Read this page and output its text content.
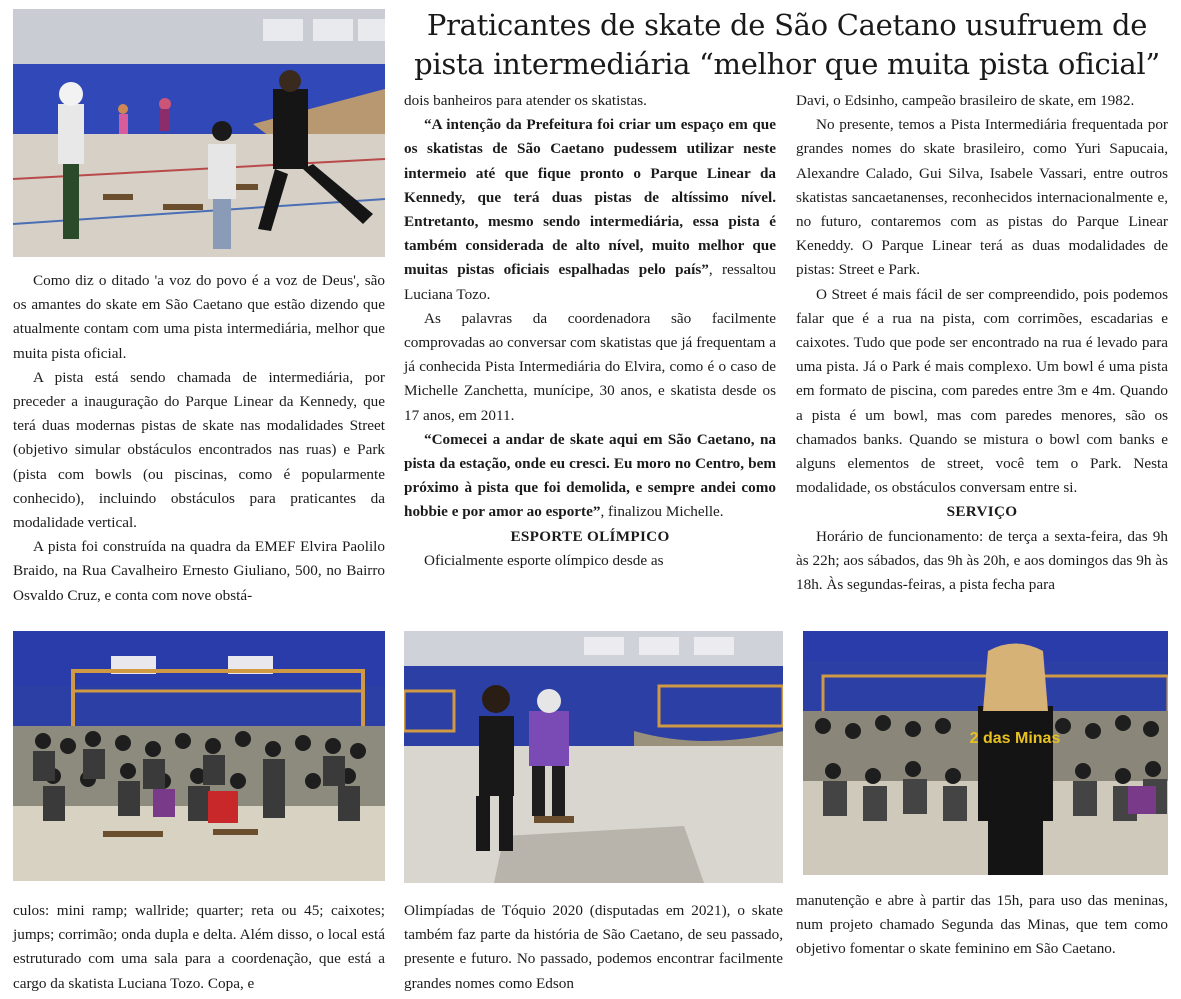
Praticantes de skate de São Caetano usufruem de pista intermediária “melhor que muita pista oficial”

Como diz o ditado 'a voz do povo é a voz de Deus', são os amantes do skate em São Caetano que estão dizendo que atualmente contam com uma pista intermediária, melhor que muita pista oficial.

A pista está sendo chamada de intermediária, por preceder a inauguração do Parque Linear da Kennedy, que terá duas modernas pistas de skate nas modalidades Street (objetivo simular obstáculos encontrados nas ruas) e Park (pista com bowls (ou piscinas, como é popularmente conhecido), incluindo obstáculos para praticantes da modalidade vertical.

A pista foi construída na quadra da EMEF Elvira Paolilo Braido, na Rua Cavalheiro Ernesto Giuliano, 500, no Bairro Osvaldo Cruz, e conta com nove obstá-

culos: mini ramp; wallride; quarter; reta ou 45; caixotes; jumps; corrimão; onda dupla e delta. Além disso, o local está estruturado com uma sala para a coordenação, que está a cargo da skatista Luciana Tozo. Copa, e

dois banheiros para atender os skatistas.

“A intenção da Prefeitura foi criar um espaço em que os skatistas de São Caetano pudessem utilizar neste intermeio até que fique pronto o Parque Linear da Kennedy, que terá duas pistas de altíssimo nível. Entretanto, mesmo sendo intermediária, essa pista é também considerada de alto nível, muito melhor que muitas pistas oficiais espalhadas pelo país”, ressaltou Luciana Tozo.

As palavras da coordenadora são facilmente comprovadas ao conversar com skatistas que já frequentam a já conhecida Pista Intermediária do Elvira, como é o caso de Michelle Zanchetta, munícipe, 30 anos, e skatista desde os 17 anos, em 2011.

“Comecei a andar de skate aqui em São Caetano, na pista da estação, onde eu cresci. Eu moro no Centro, bem próximo à pista que foi demolida, e sempre andei como hobbie e por amor ao esporte”, finalizou Michelle.

ESPORTE OLÍMPICO

Oficialmente esporte olímpico desde as

Olimpíadas de Tóquio 2020 (disputadas em 2021), o skate também faz parte da história de São Caetano, de seu passado, presente e futuro. No passado, podemos encontrar facilmente grandes nomes como Edson

Davi, o Edsinho, campeão brasileiro de skate, em 1982.

No presente, temos a Pista Intermediária frequentada por grandes nomes do skate brasileiro, como Yuri Sapucaia, Alexandre Calado, Gui Silva, Isabele Vassari, entre outros skatistas sancaetanenses, reconhecidos internacionalmente e, no futuro, contaremos com as pistas do Parque Linear Keneddy. O Parque Linear terá as duas modalidades de pistas: Street e Park.

O Street é mais fácil de ser compreendido, pois podemos falar que é a rua na pista, com corrimões, escadarias e caixotes. Tudo que pode ser encontrado na rua é levado para uma pista. Já o Park é mais complexo. Um bowl é uma pista em formato de piscina, com paredes entre 3m e 4m. Quando a pista é um bowl, mas com paredes menores, são os chamados banks. Quando se mistura o bowl com banks e alguns elementos de street, você tem o Park. Nesta modalidade, os obstáculos conversam entre si.

SERVIÇO

Horário de funcionamento: de terça a sexta-feira, das 9h às 22h; aos sábados, das 9h às 20h, e aos domingos das 9h às 18h. Às segundas-feiras, a pista fecha para

2 das Minas

manutenção e abre à partir das 15h, para uso das meninas, num projeto chamado Segunda das Minas, que tem como objetivo fomentar o skate feminino em São Caetano.
